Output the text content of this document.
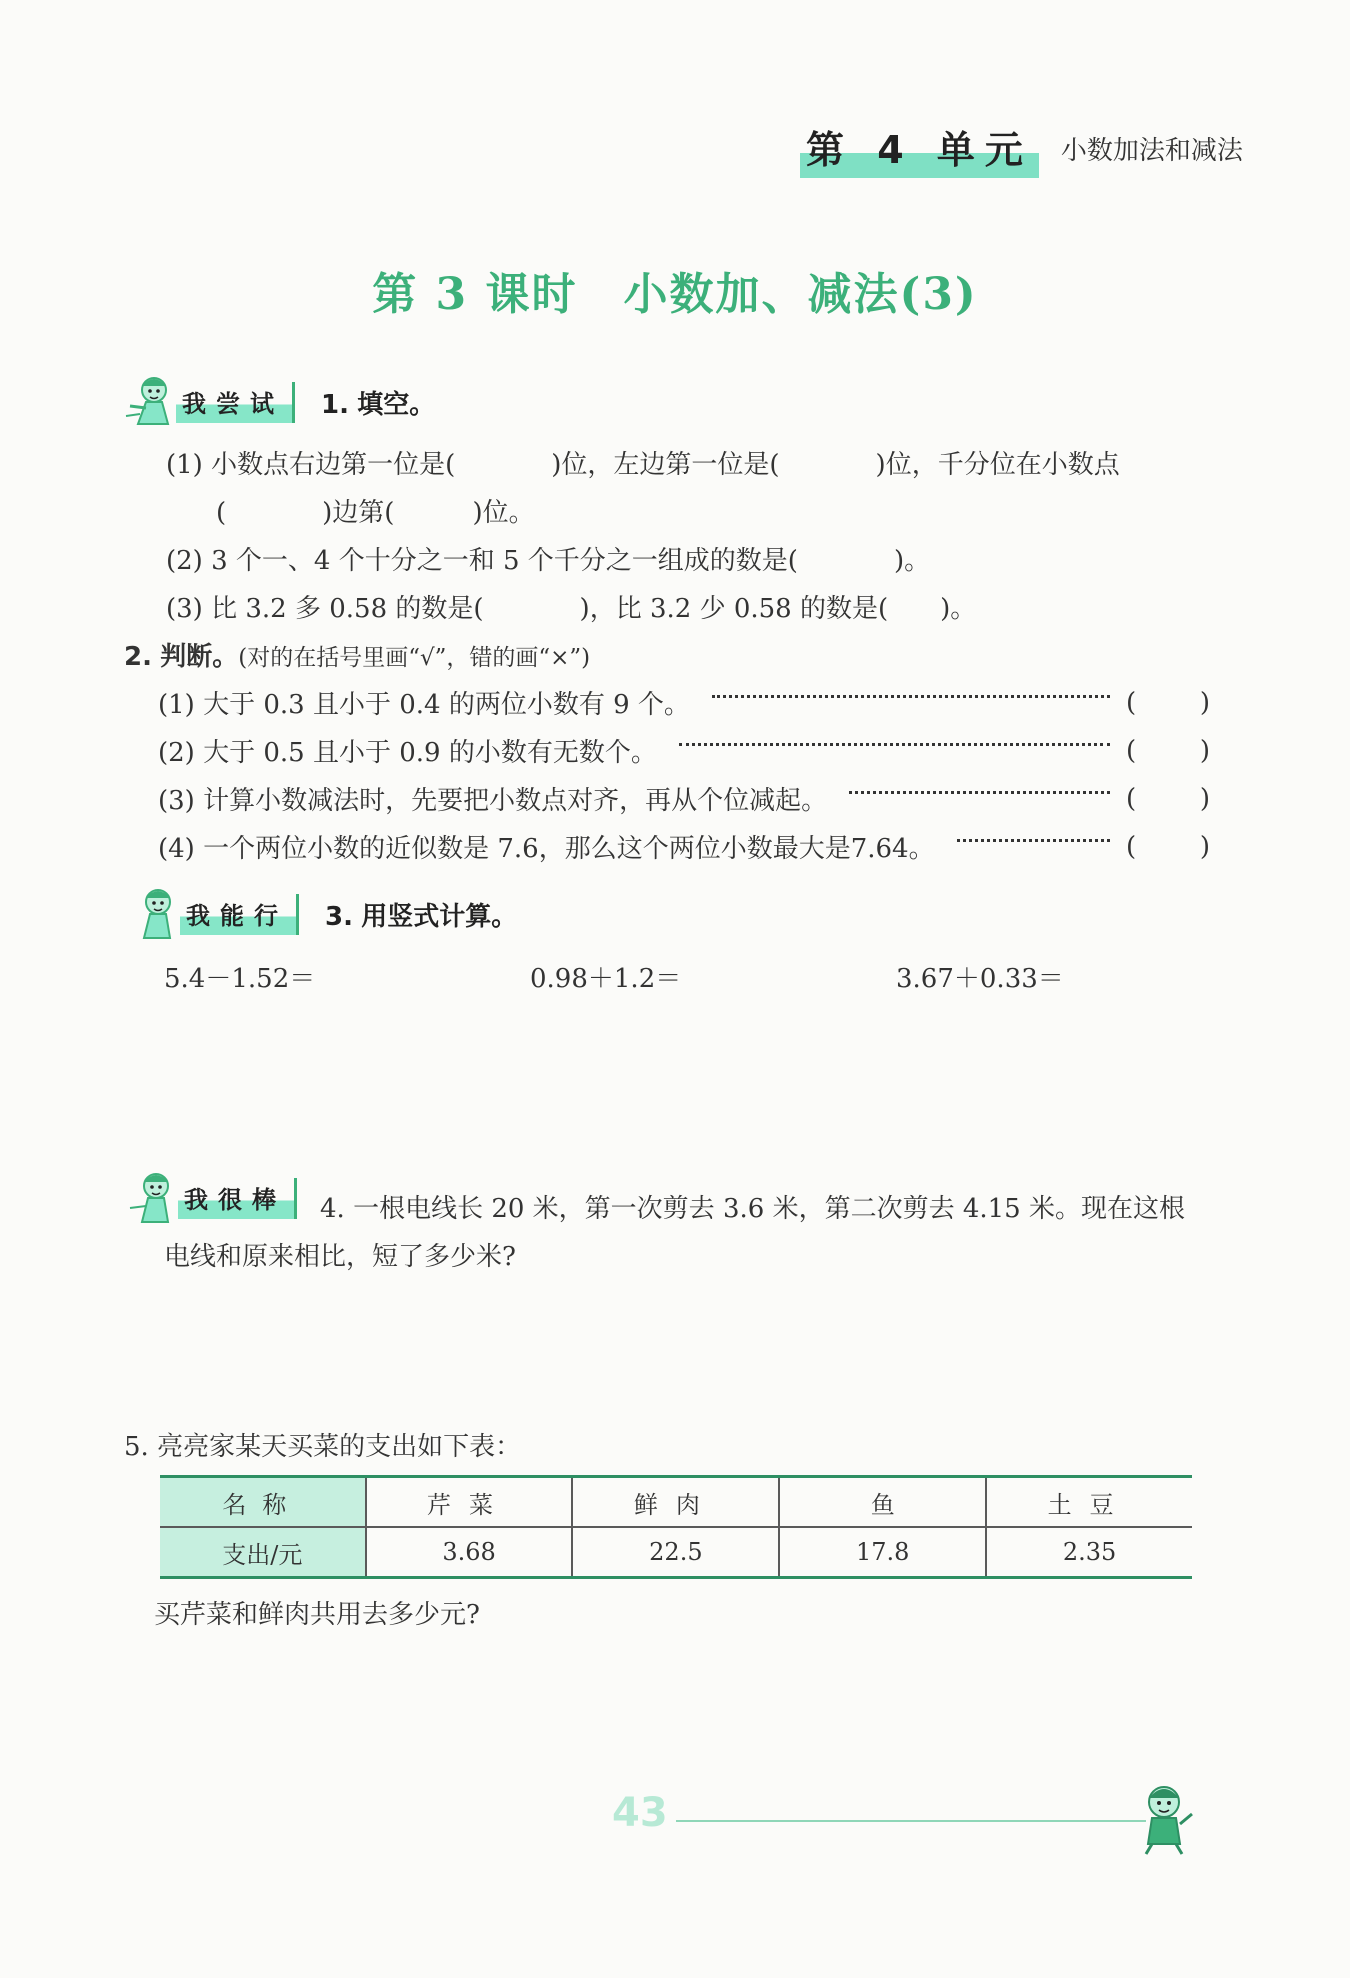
第 4 单元 小数加法和减法
第 3 课时 小数加、减法(3)
我尝试	1. 填空。
(1) 小数点右边第一位是(	)位，左边第一位是(	)位，千分位在小数点
(	)边第(	)位。
(2) 3 个一、4 个十分之一和 5 个千分之一组成的数是(	)。
(3) 比 3.2 多 0.58 的数是(	)，比 3.2 少 0.58 的数是( )。
2. 判断。(对的在括号里画“√”，错的画“×”)
(1) 大于 0.3 且小于 0.4 的两位小数有 9 个。	( )
(2) 大于 0.5 且小于 0.9 的小数有无数个。	( )
(3) 计算小数减法时，先要把小数点对齐，再从个位减起。	( )
(4) 一个两位小数的近似数是 7.6，那么这个两位小数最大是7.64。	( )
我能行	3. 用竖式计算。
5.4－1.52＝	0.98＋1.2＝	3.67＋0.33＝
我很棒	4. 一根电线长 20 米，第一次剪去 3.6 米，第二次剪去 4.15 米。现在这根
电线和原来相比，短了多少米?
5. 亮亮家某天买菜的支出如下表：
名称	芹菜	鲜肉	鱼	土豆
支出/元	3.68	22.5	17.8	2.35
买芹菜和鲜肉共用去多少元?
43
